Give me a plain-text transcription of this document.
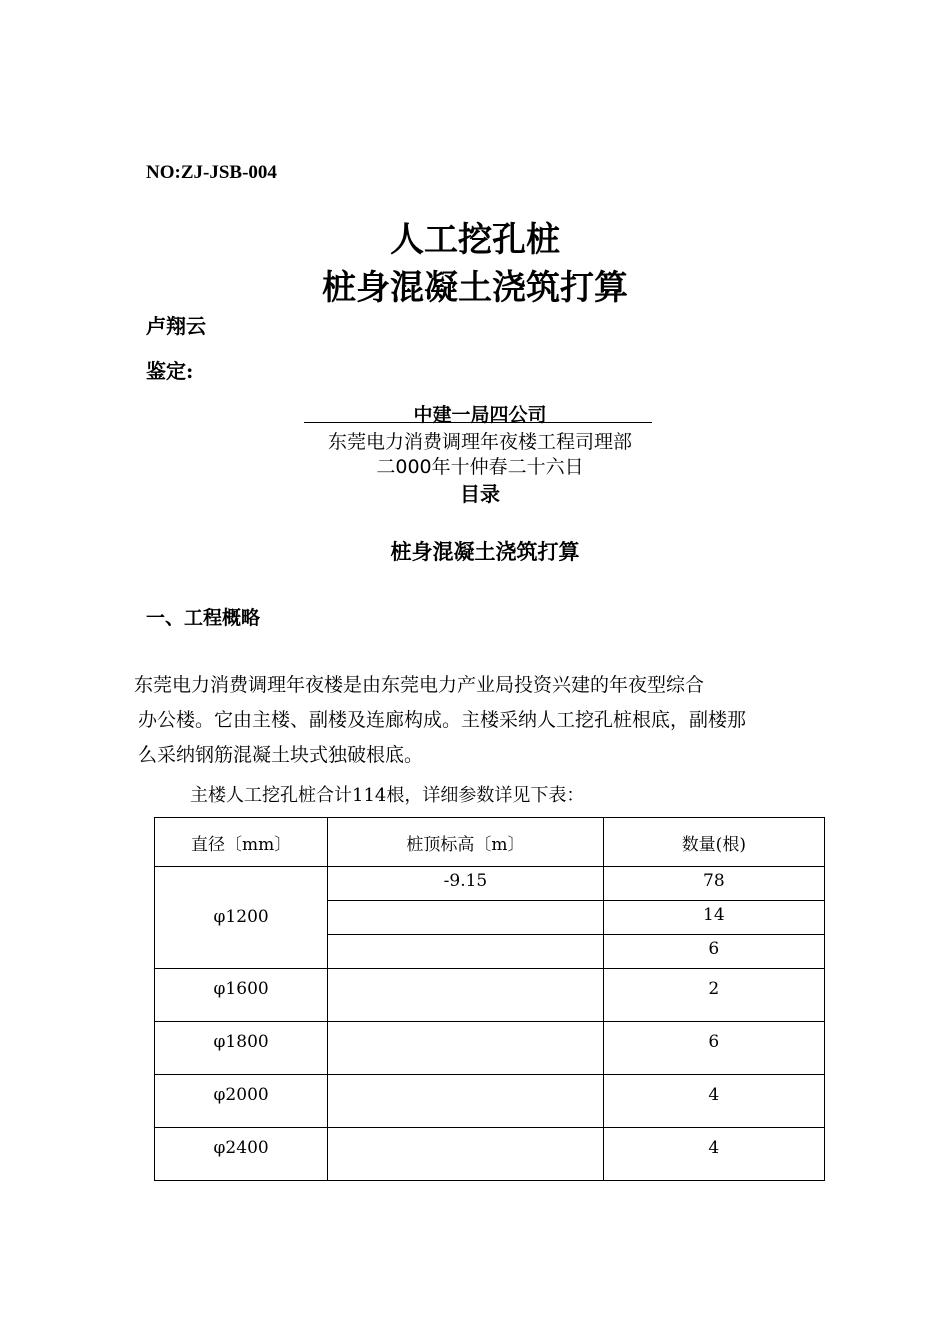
NO:ZJ-JSB-004
人工挖孔桩
桩身混凝土浇筑打算
卢翔云
鉴定:
中建一局四公司
东莞电力消费调理年夜楼工程司理部
二000年十仲春二十六日
目录
桩身混凝土浇筑打算
一、工程概略
东莞电力消费调理年夜楼是由东莞电力产业局投资兴建的年夜型综合
办公楼。它由主楼、副楼及连廊构成。主楼采纳人工挖孔桩根底，副楼那
么采纳钢筋混凝土块式独破根底。
主楼人工挖孔桩合计114根，详细参数详见下表：
直径〔mm〕	桩顶标高〔m〕	数量(根)
φ1200	-9.15	78
		14
		6
φ1600		2
φ1800		6
φ2000		4
φ2400		4
